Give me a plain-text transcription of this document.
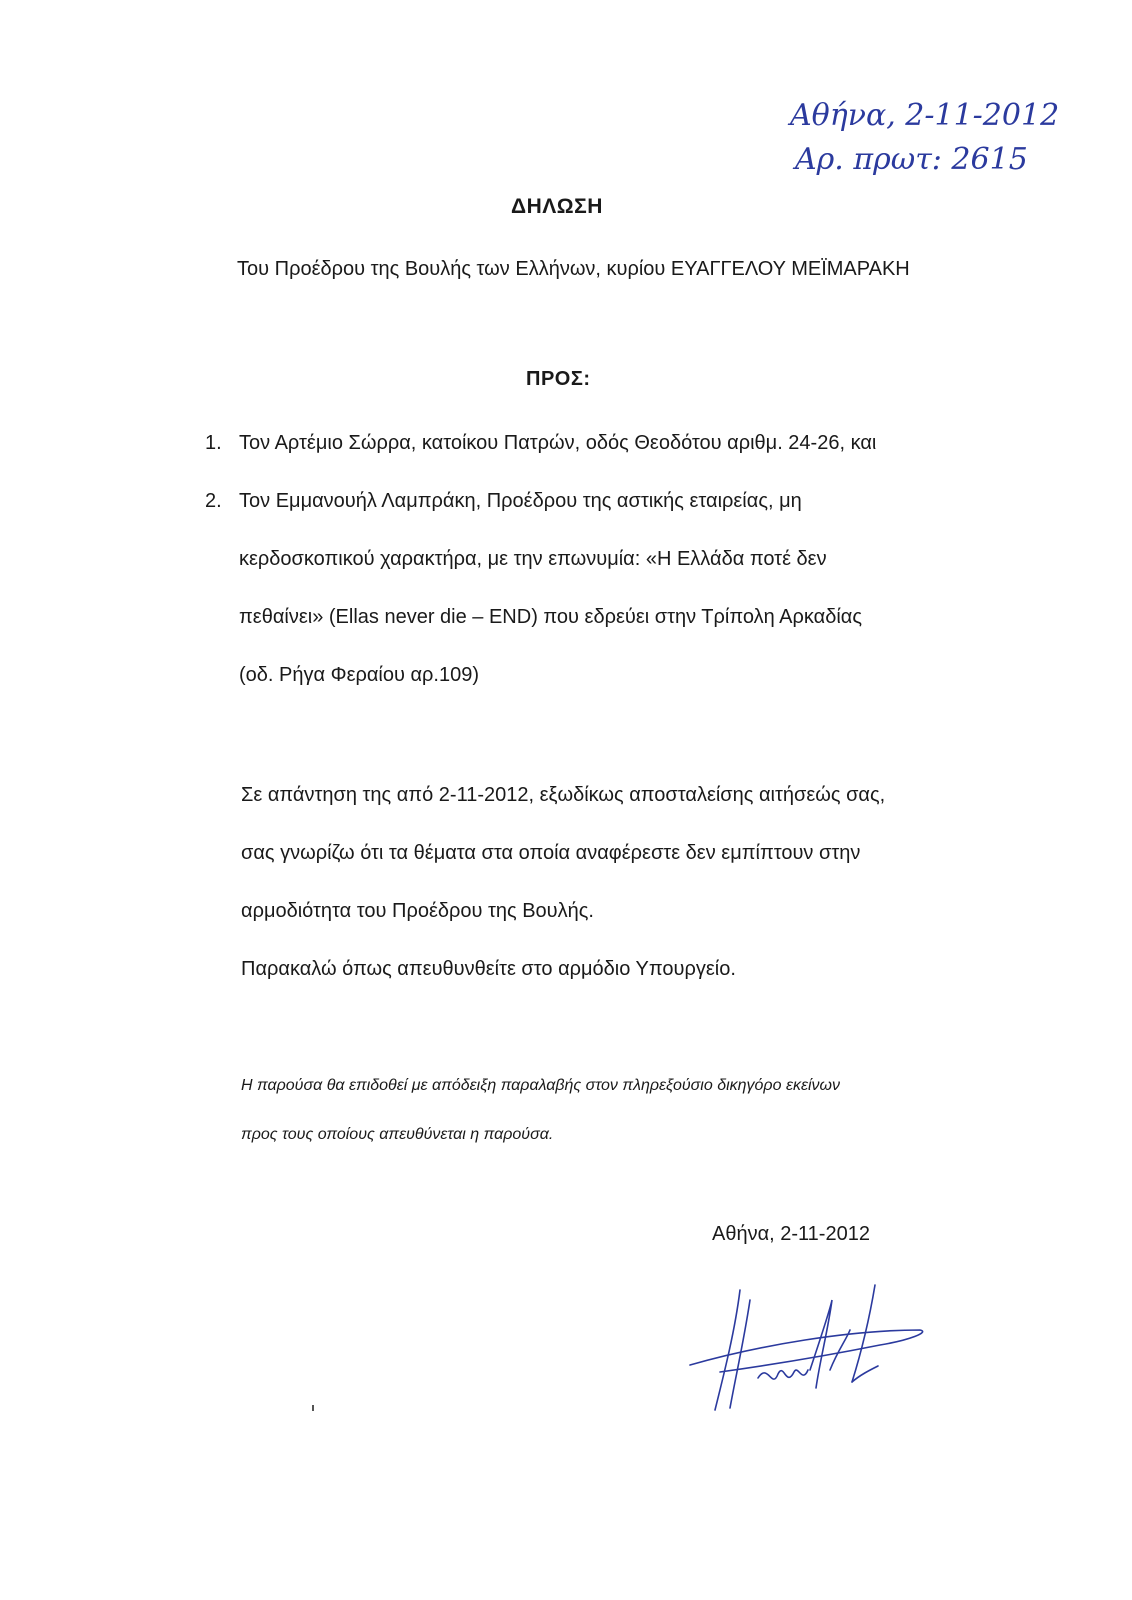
Αθήνα, 2-11-2012
Αρ. πρωτ: 2615
ΔΗΛΩΣΗ
Του Προέδρου της Βουλής των Ελλήνων, κυρίου ΕΥΑΓΓΕΛΟΥ ΜΕΪΜΑΡΑΚΗ
ΠΡΟΣ:
1. Τον Αρτέμιο Σώρρα, κατοίκου Πατρών, οδός Θεοδότου αριθμ. 24-26, και
2. Τον Εμμανουήλ Λαμπράκη, Προέδρου της αστικής εταιρείας, μη
κερδοσκοπικού χαρακτήρα, με την επωνυμία: «Η Ελλάδα ποτέ δεν
πεθαίνει» (Ellas never die – END) που εδρεύει στην Τρίπολη Αρκαδίας
(οδ. Ρήγα Φεραίου αρ.109)
Σε απάντηση της από 2-11-2012, εξωδίκως αποσταλείσης αιτήσεώς σας,
σας γνωρίζω ότι τα θέματα στα οποία αναφέρεστε δεν εμπίπτουν στην
αρμοδιότητα του Προέδρου της Βουλής.
Παρακαλώ όπως απευθυνθείτε στο αρμόδιο Υπουργείο.
Η παρούσα θα επιδοθεί με απόδειξη παραλαβής στον πληρεξούσιο δικηγόρο εκείνων
προς τους οποίους απευθύνεται η παρούσα.
Αθήνα, 2-11-2012
